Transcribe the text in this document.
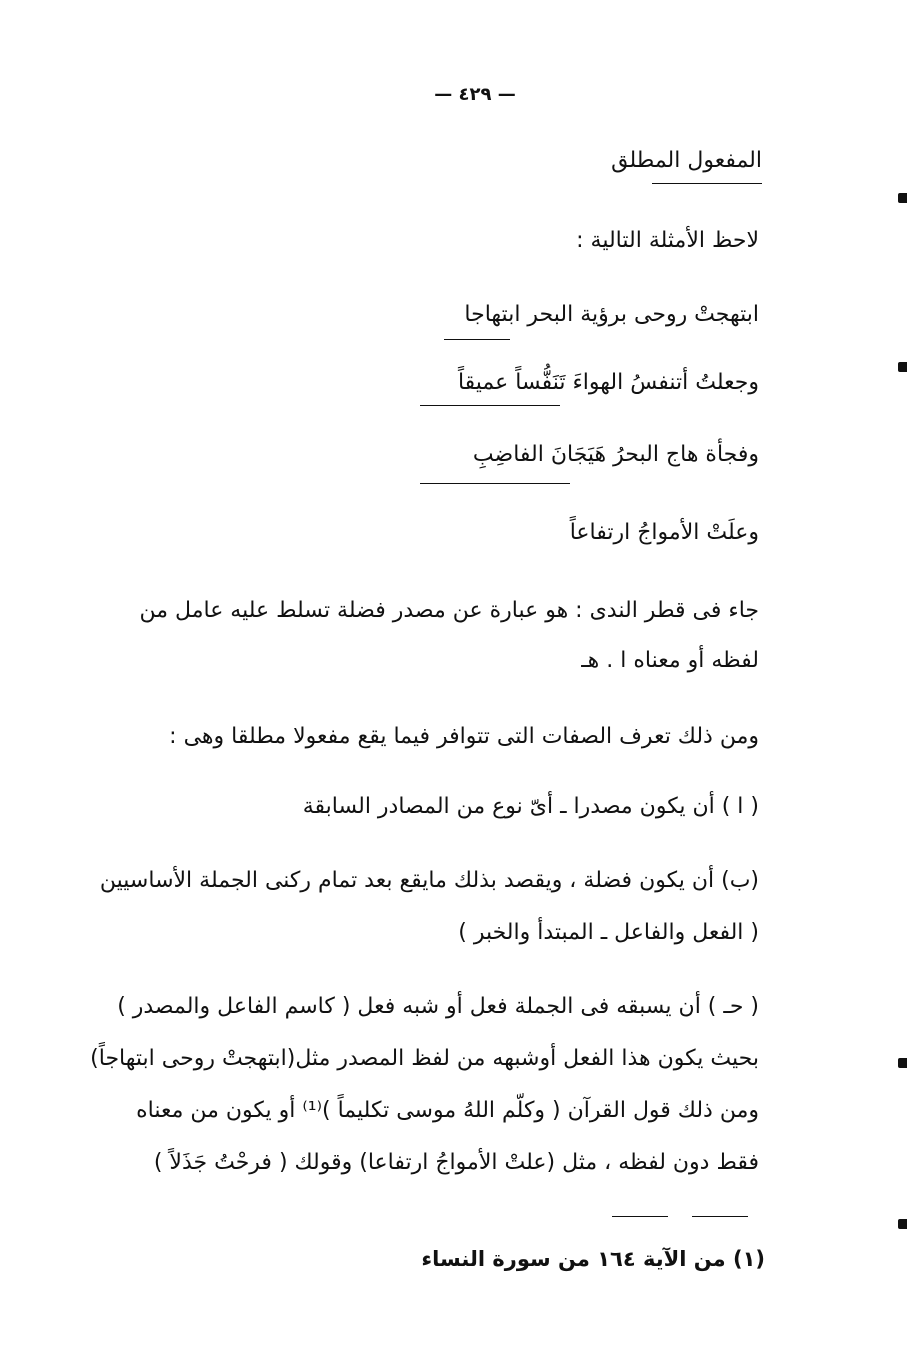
— ٤٢٩ —
المفعول المطلق
لاحظ الأمثلة التالية :
ابتهجتْ روحى برؤية البحر ابتهاجا
وجعلتُ أتنفسُ الهواءَ تَنَفُّساً عميقاً
وفجأة هاج البحرُ هَيَجَانَ الفاضِبِ
وعلَتْ الأمواجُ ارتفاعاً
جاء فى قطر الندى : هو عبارة عن مصدر فضلة تسلط عليه عامل من
لفظه أو معناه ا . هـ
ومن ذلك تعرف الصفات التى تتوافر فيما يقع مفعولا مطلقا وهى :
( ا ) أن يكون مصدرا ـ أىّ نوع من المصادر السابقة
(ب) أن يكون فضلة ، ويقصد بذلك مايقع بعد تمام ركنى الجملة الأساسيين
( الفعل والفاعل ـ المبتدأ والخبر )
( حـ ) أن يسبقه فى الجملة فعل أو شبه فعل ( كاسم الفاعل والمصدر )
بحيث يكون هذا الفعل أوشبهه من لفظ المصدر مثل(ابتهجتْ روحى ابتهاجاً)
ومن ذلك قول القرآن ( وكلّم اللهُ موسى تكليماً )⁽¹⁾ أو يكون من معناه
فقط دون لفظه ، مثل (علتْ الأمواجُ ارتفاعا) وقولك ( فرحْتُ جَذَلاً )
(١) من الآية ١٦٤ من سورة النساء
